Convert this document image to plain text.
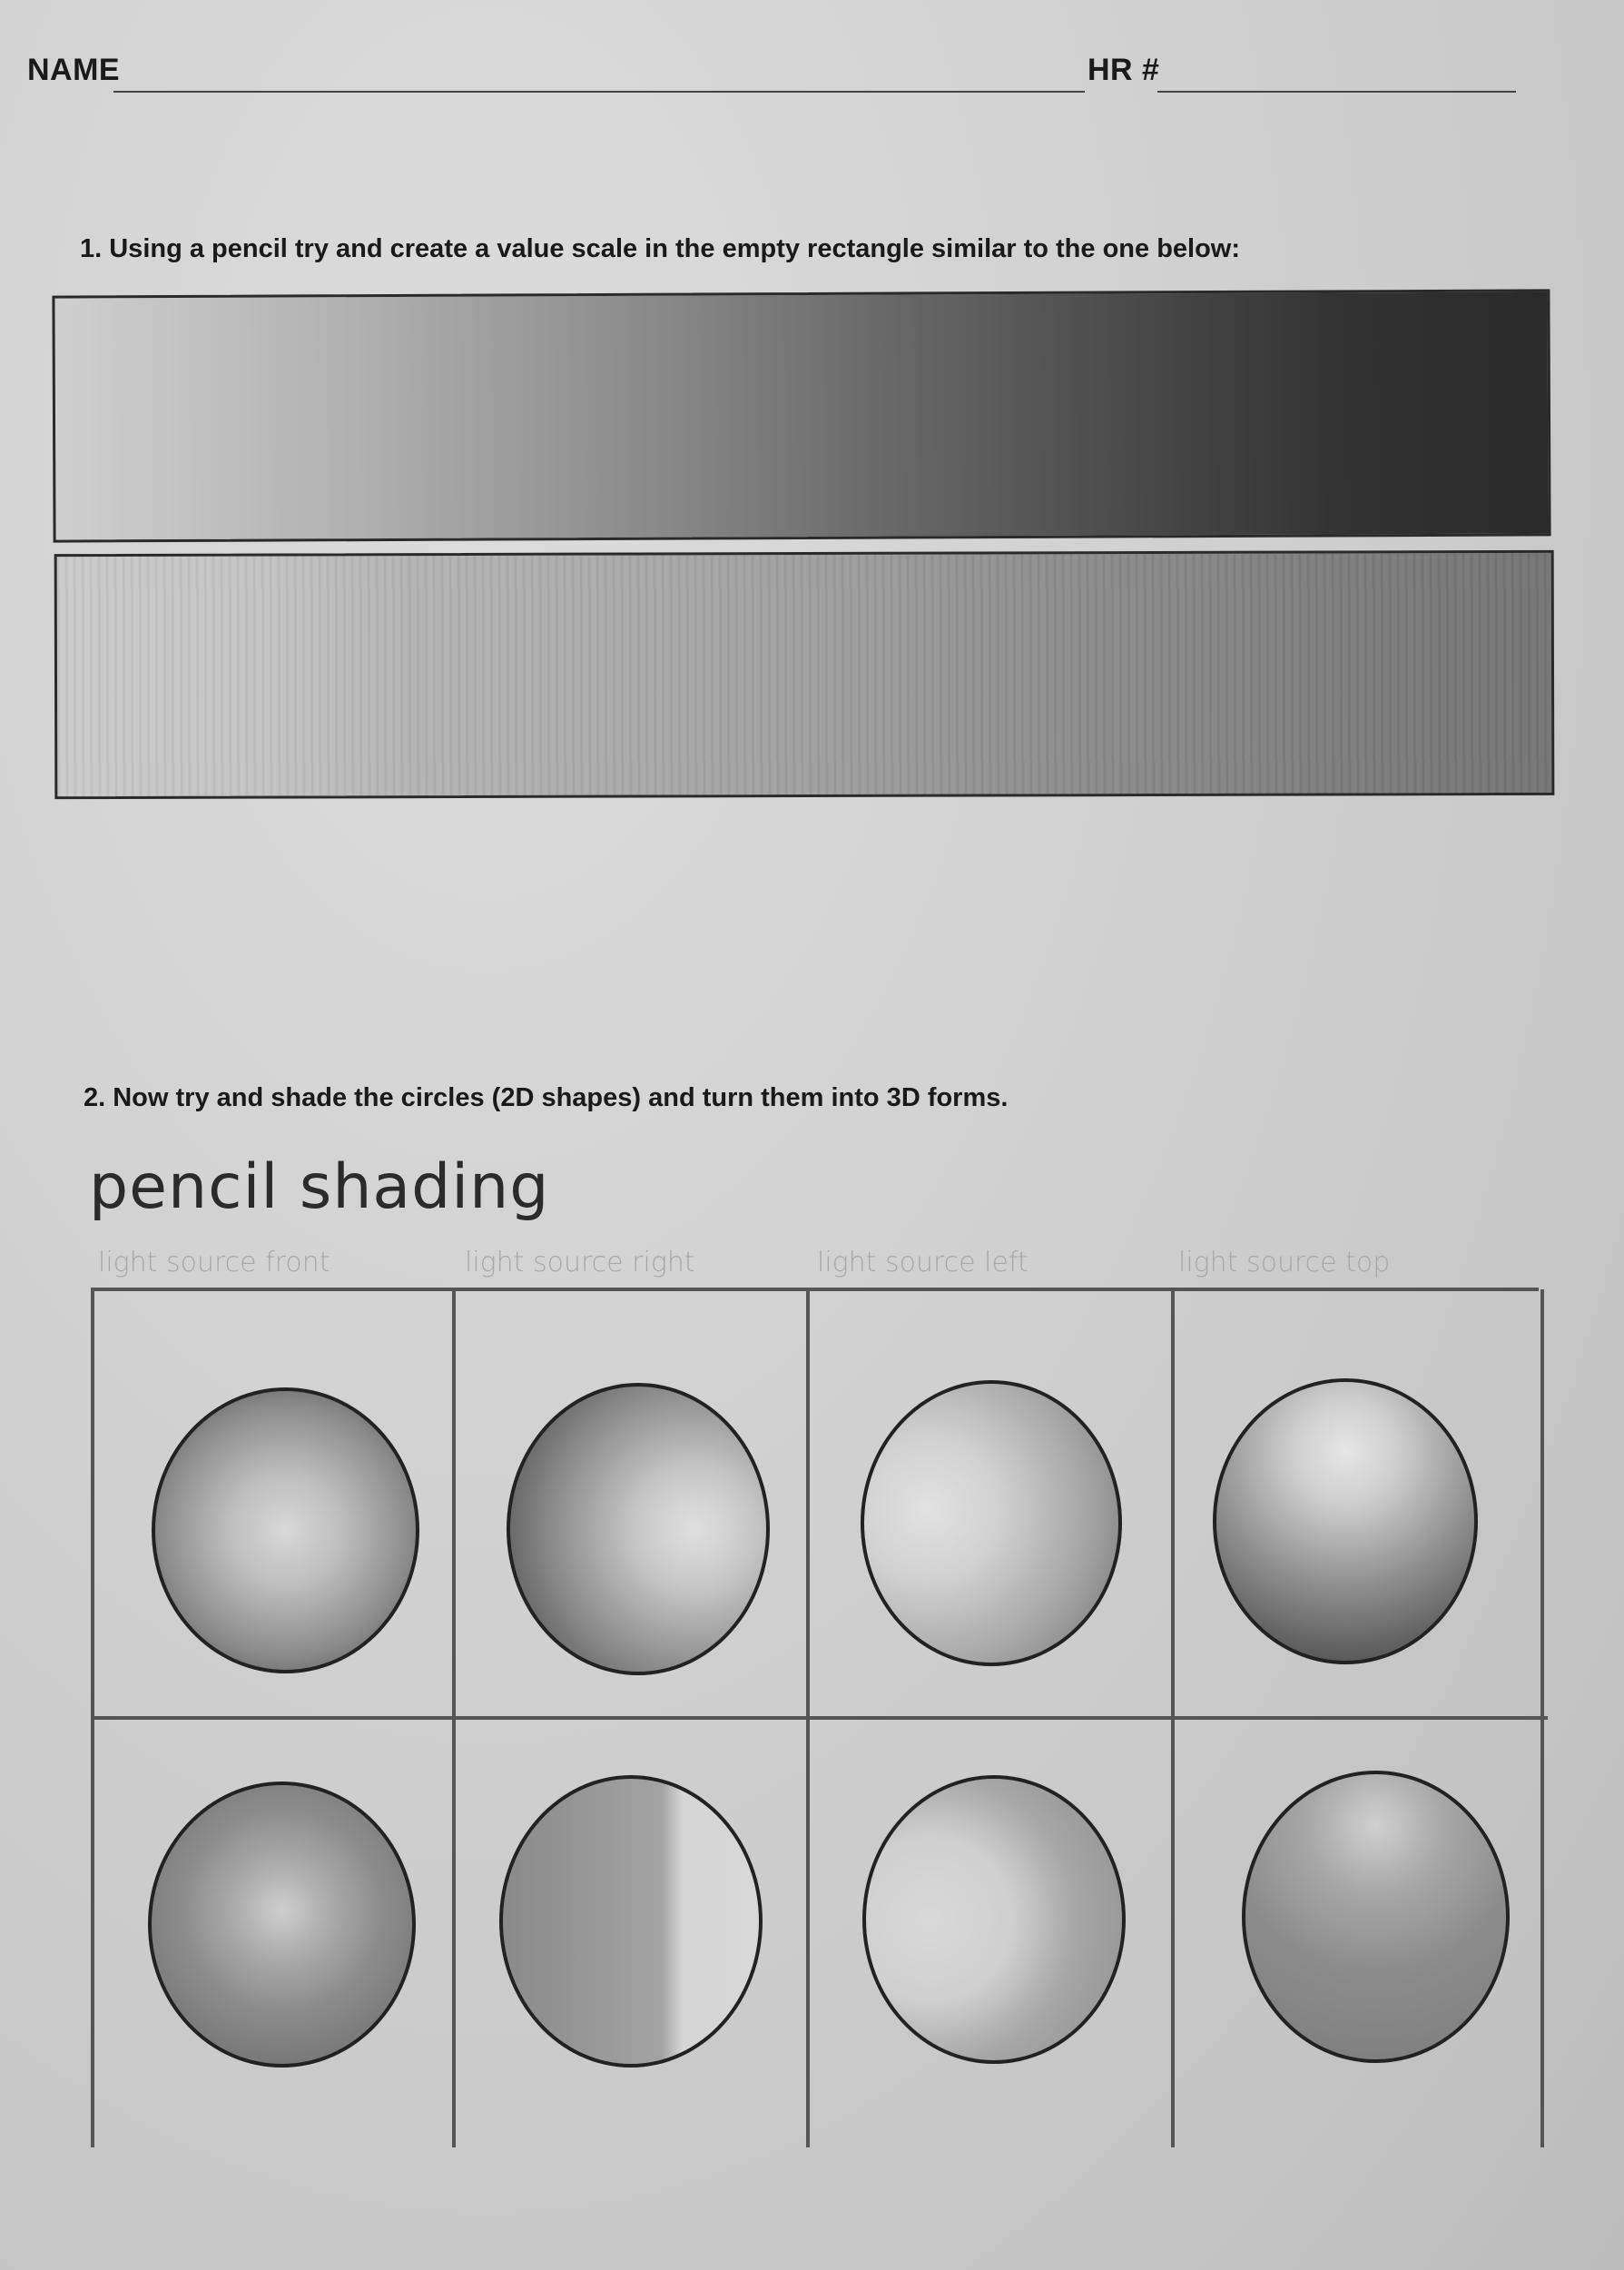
NAME	HR #
1. Using a pencil try and create a value scale in the empty rectangle similar to the one below:
2. Now try and shade the circles (2D shapes) and turn them into 3D forms.
pencil shading
light source front	light source right	light source left	light source top
